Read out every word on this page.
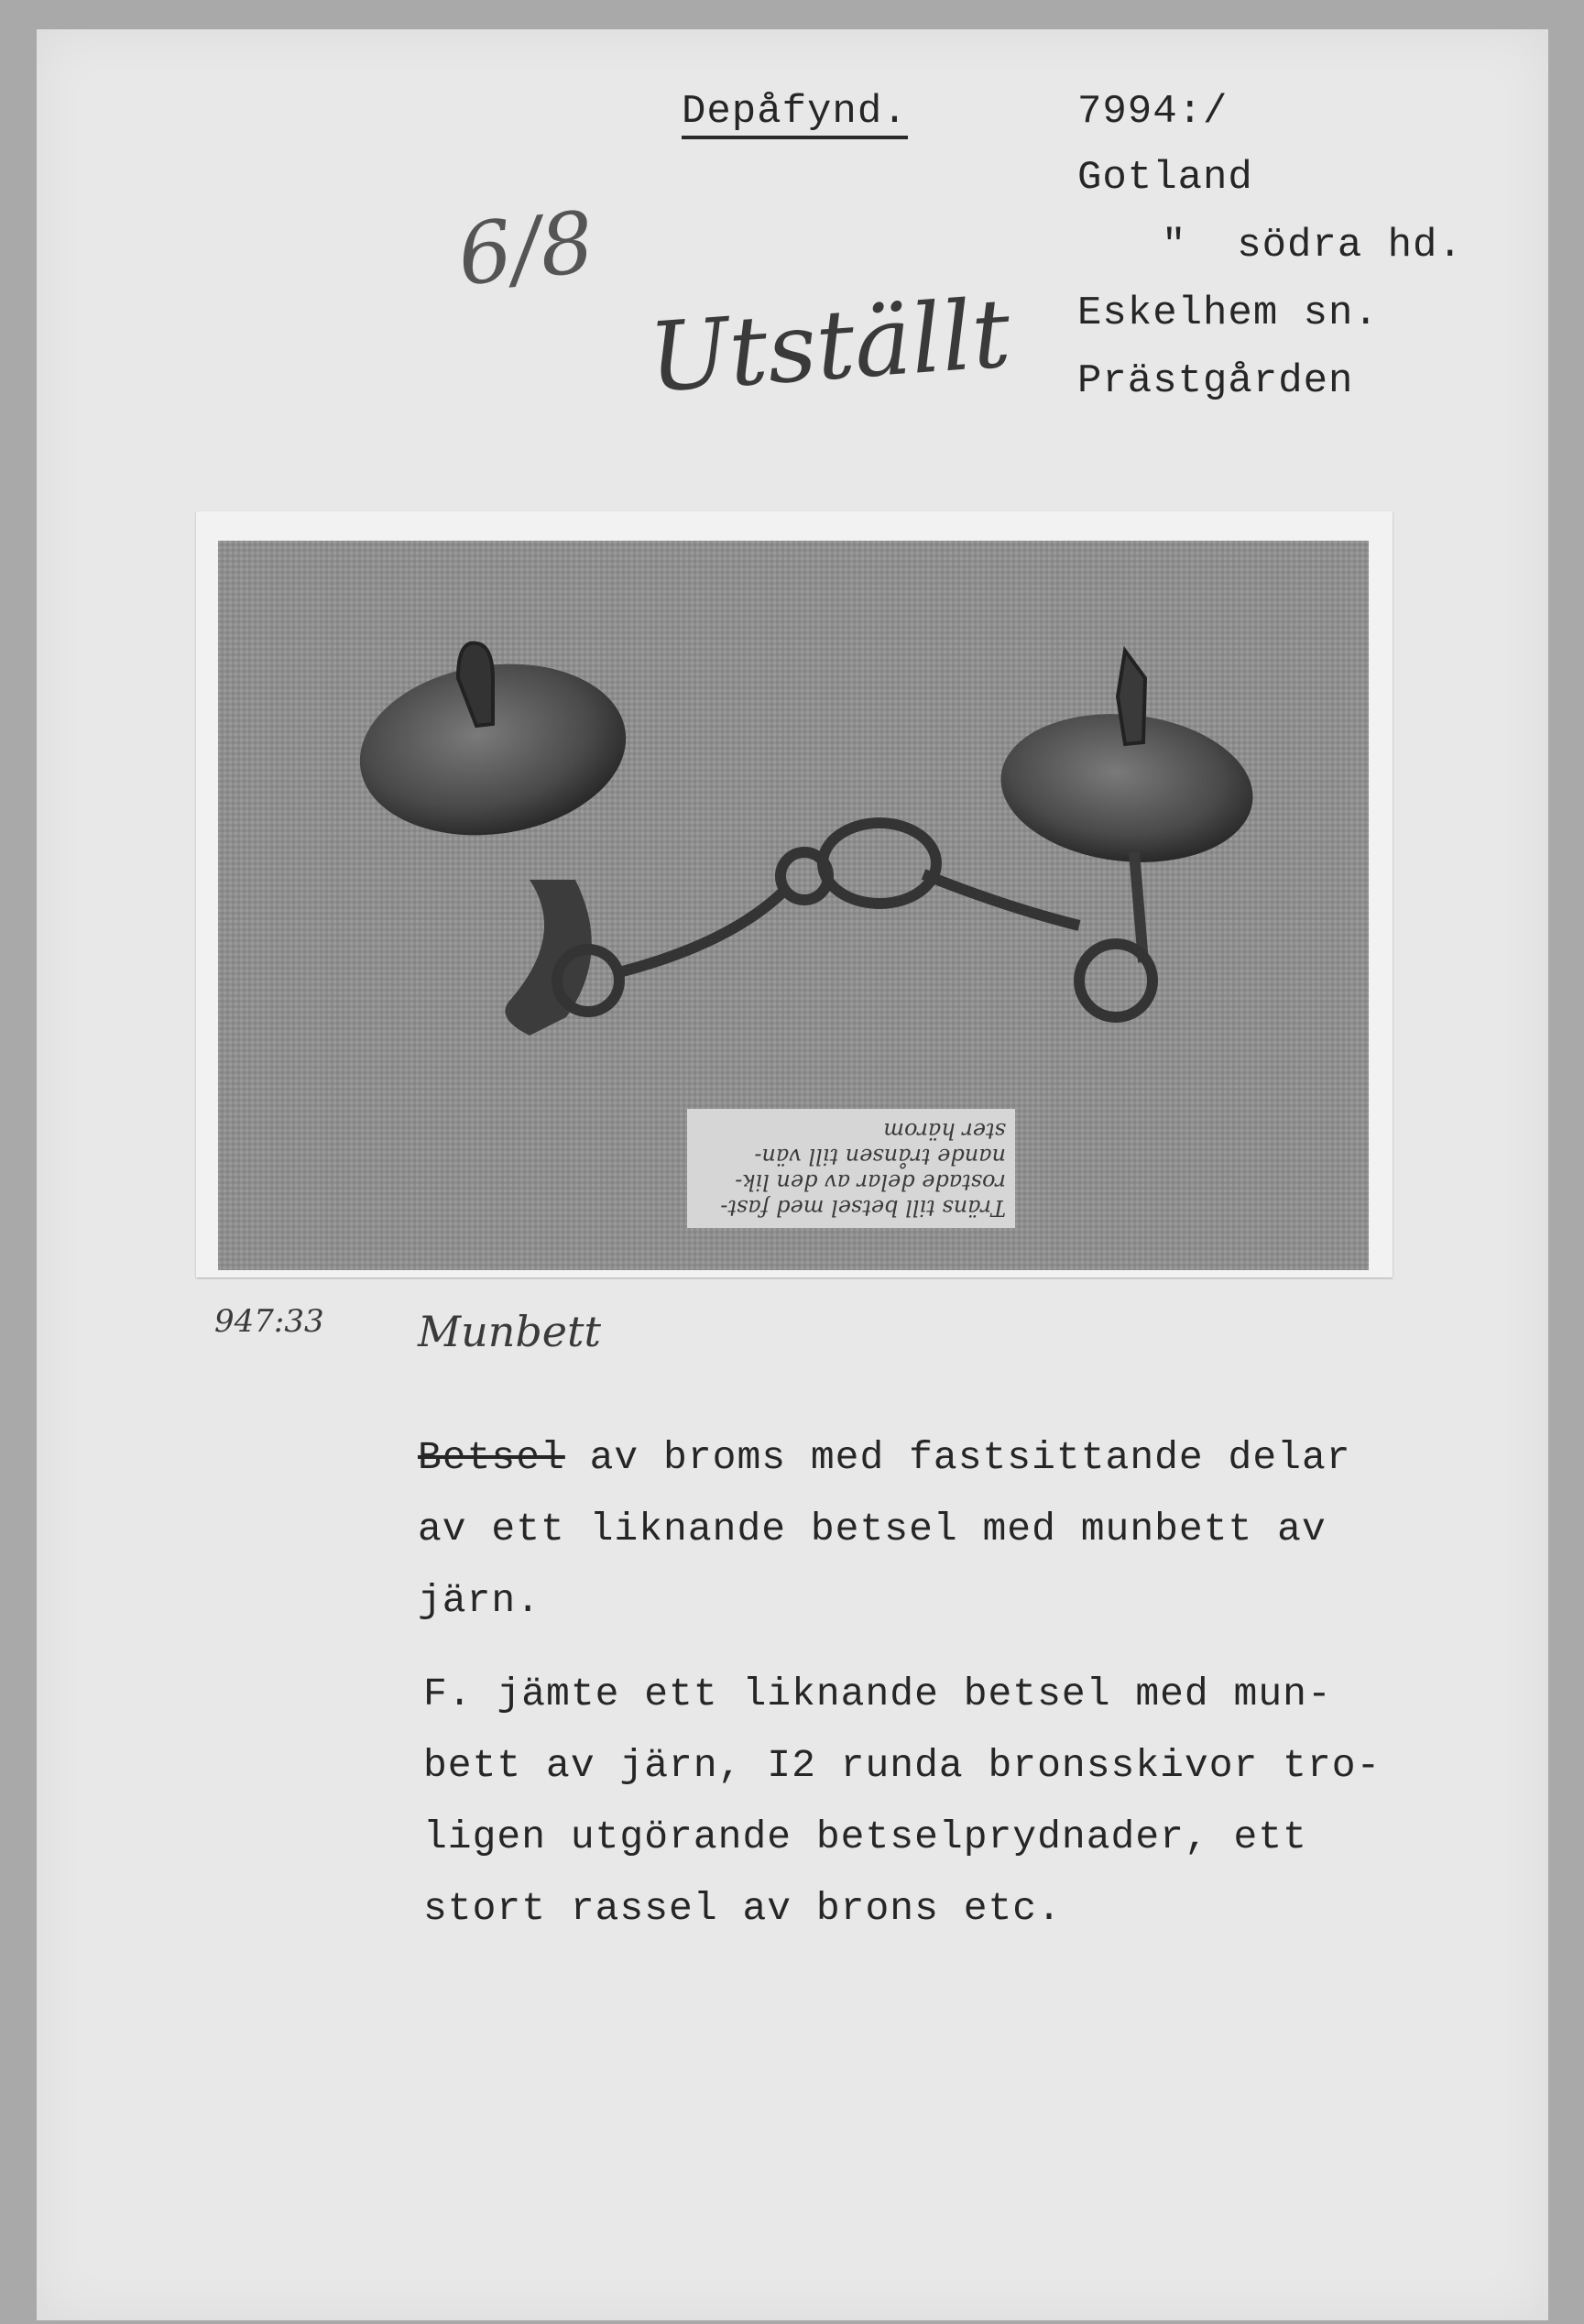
Depåfynd.	7994:/
Gotland
"  södra hd.
Eskelhem sn.
Prästgården
6/8
Utställt
947:33 Munbett
Träns till betsel med fast-
rostade delar av den lik-
nande trånsen till vän-
ster härom

Betsel av broms med fastsittande delar
av ett liknande betsel med munbett av
järn.

F. jämte ett liknande betsel med mun-
bett av järn, I2 runda bronsskivor tro-
ligen utgörande betselprydnader, ett
stort rassel av brons etc.
